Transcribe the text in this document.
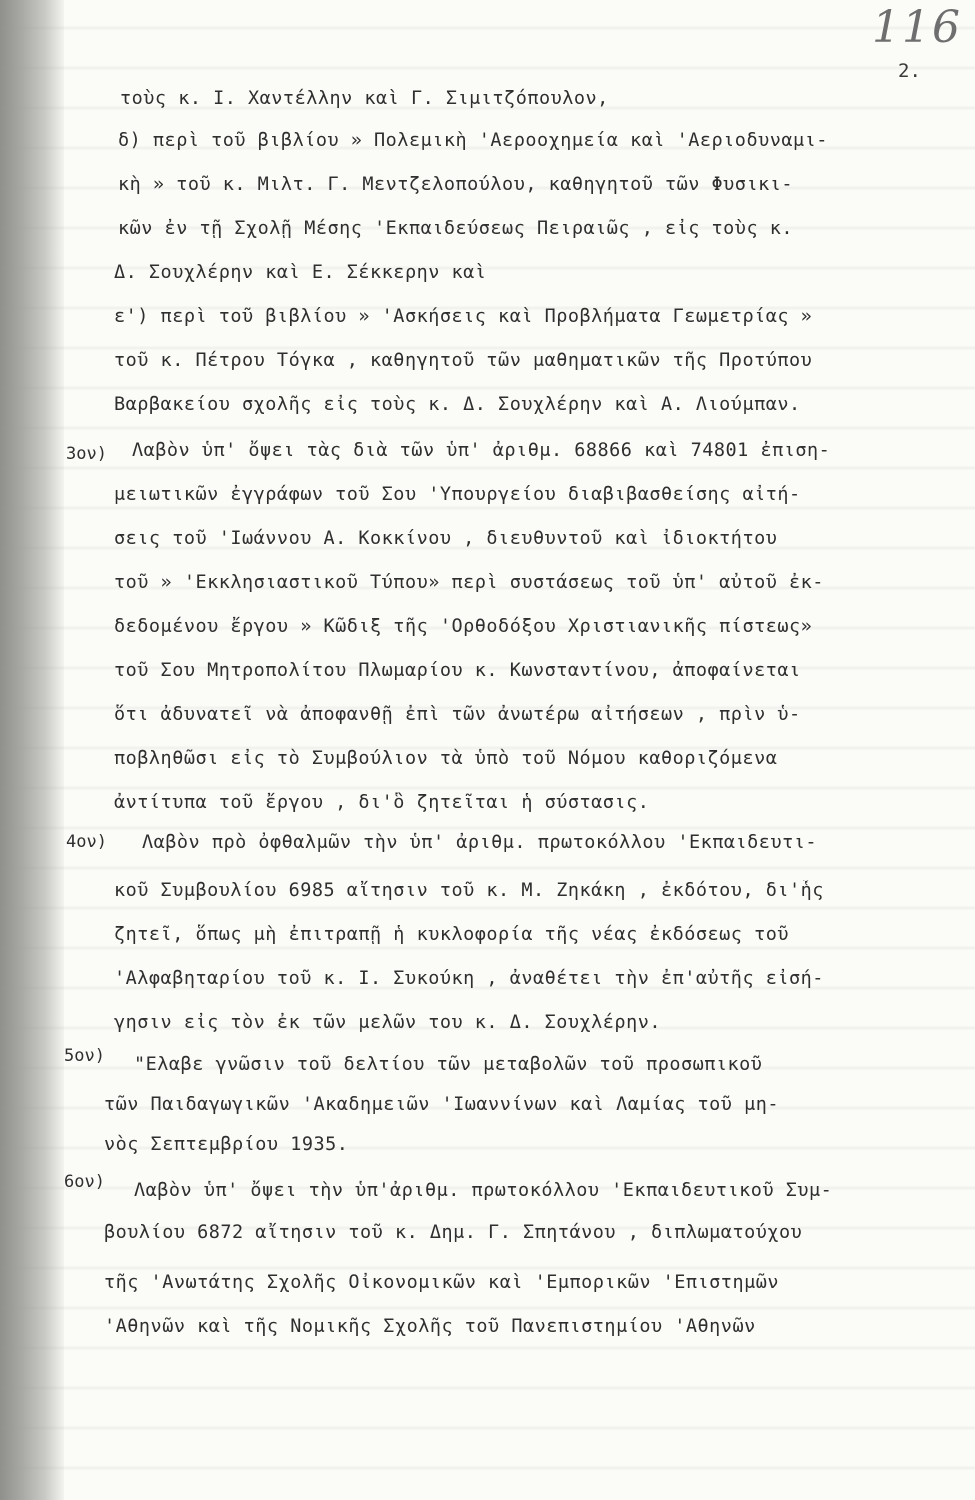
116
2.
τοὺς κ. Ι. Χαντέλλην καὶ Γ. Σιμιτζόπουλον,
δ) περὶ τοῦ βιβλίου » Πολεμικὴ 'Αεροοχημεία καὶ 'Αεριοδυναμι-
κὴ » τοῦ κ. Μιλτ. Γ. Μεντζελοπούλου, καθηγητοῦ τῶν Φυσικι-
κῶν ἐν τῇ Σχολῇ Μέσης 'Εκπαιδεύσεως Πειραιῶς , εἰς τοὺς κ.
Δ. Σουχλέρην καὶ Ε. Σέκκερην καὶ
ε') περὶ τοῦ βιβλίου » 'Ασκήσεις καὶ Προβλήματα Γεωμετρίας »
τοῦ κ. Πέτρου Τόγκα , καθηγητοῦ τῶν μαθηματικῶν τῆς Προτύπου
Βαρβακείου σχολῆς εἰς τοὺς κ. Δ. Σουχλέρην καὶ Α. Λιούμπαν.
3ον) Λαβὸν ὑπ' ὄψει τὰς διὰ τῶν ὑπ' ἀριθμ. 68866 καὶ 74801 ἐπιση-
μειωτικῶν ἐγγράφων τοῦ Σου 'Υπουργείου διαβιβασθείσης αἰτή-
σεις τοῦ 'Ιωάννου Α. Κοκκίνου , διευθυντοῦ καὶ ἰδιοκτήτου
τοῦ » 'Εκκλησιαστικοῦ Τύπου» περὶ συστάσεως τοῦ ὑπ' αὐτοῦ ἐκ-
δεδομένου ἔργου » Κῶδιξ τῆς 'Ορθοδόξου Χριστιανικῆς πίστεως»
τοῦ Σου Μητροπολίτου Πλωμαρίου κ. Κωνσταντίνου, ἀποφαίνεται
ὅτι ἀδυνατεῖ νὰ ἀποφανθῇ ἐπὶ τῶν ἀνωτέρω αἰτήσεων , πρὶν ὑ-
ποβληθῶσι εἰς τὸ Συμβούλιον τὰ ὑπὸ τοῦ Νόμου καθοριζόμενα
ἀντίτυπα τοῦ ἔργου , δι'ὃ ζητεῖται ἡ σύστασις.
4ον) Λαβὸν πρὸ ὀφθαλμῶν τὴν ὑπ' ἀριθμ. πρωτοκόλλου 'Εκπαιδευτι-
κοῦ Συμβουλίου 6985 αἴτησιν τοῦ κ. Μ. Ζηκάκη , ἐκδότου, δι'ἧς
ζητεῖ, ὅπως μὴ ἐπιτραπῇ ἡ κυκλοφορία τῆς νέας ἐκδόσεως τοῦ
'Αλφαβηταρίου τοῦ κ. Ι. Συκούκη , ἀναθέτει τὴν ἐπ'αὐτῆς εἰσή-
γησιν εἰς τὸν ἐκ τῶν μελῶν του κ. Δ. Σουχλέρην.
5ον) "Ελαβε γνῶσιν τοῦ δελτίου τῶν μεταβολῶν τοῦ προσωπικοῦ
τῶν Παιδαγωγικῶν 'Ακαδημειῶν 'Ιωαννίνων καὶ Λαμίας τοῦ μη-
νὸς Σεπτεμβρίου 1935.
6ον) Λαβὸν ὑπ' ὄψει τὴν ὑπ'ἀριθμ. πρωτοκόλλου 'Εκπαιδευτικοῦ Συμ-
βουλίου 6872 αἴτησιν τοῦ κ. Δημ. Γ. Σπητάνου , διπλωματούχου
τῆς 'Ανωτάτης Σχολῆς Οἰκονομικῶν καὶ 'Εμπορικῶν 'Επιστημῶν
'Αθηνῶν καὶ τῆς Νομικῆς Σχολῆς τοῦ Πανεπιστημίου 'Αθηνῶν
